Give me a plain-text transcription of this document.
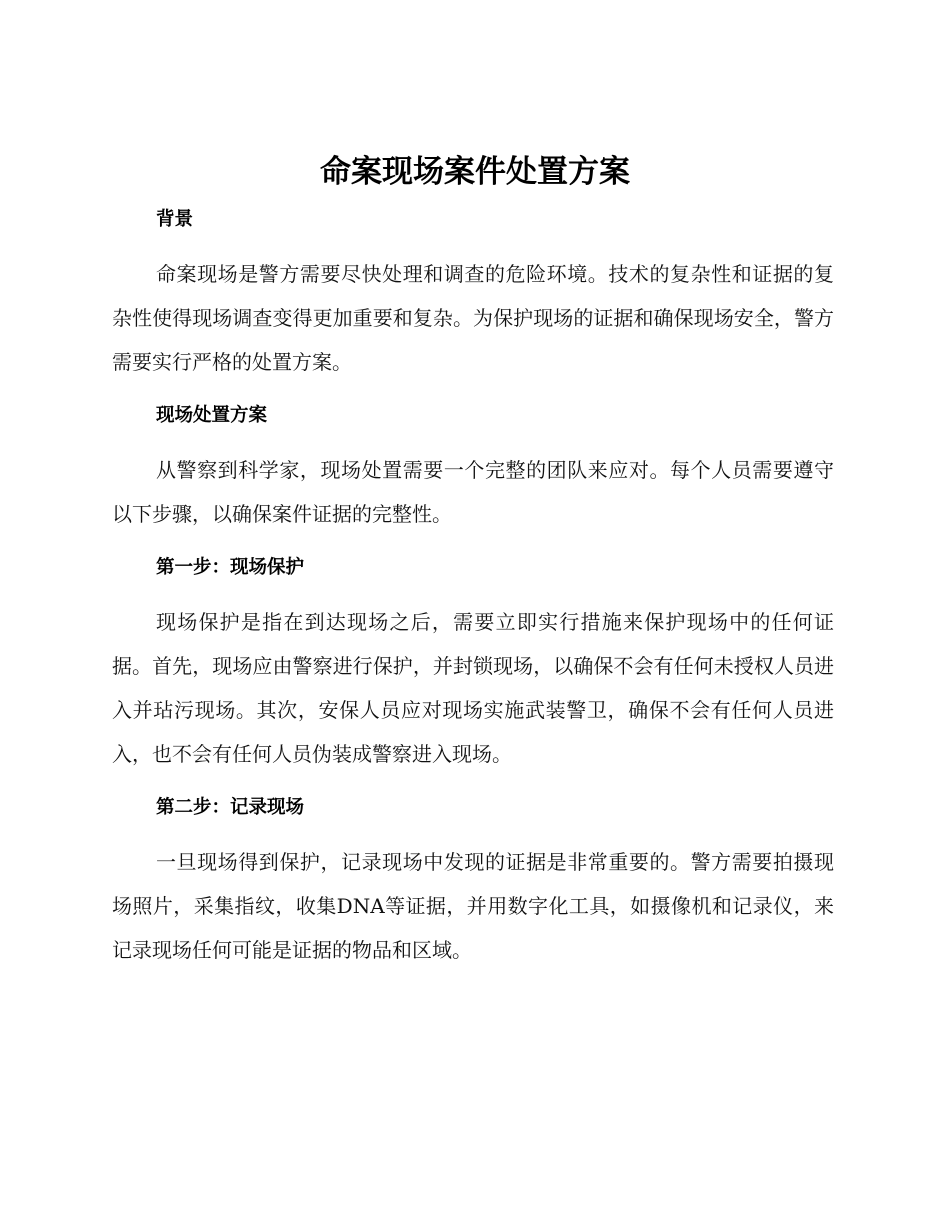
命案现场案件处置方案
背景

命案现场是警方需要尽快处理和调查的危险环境。技术的复杂性和证据的复杂性使得现场调查变得更加重要和复杂。为保护现场的证据和确保现场安全，警方需要实行严格的处置方案。

现场处置方案

从警察到科学家，现场处置需要一个完整的团队来应对。每个人员需要遵守以下步骤，以确保案件证据的完整性。

第一步：现场保护

现场保护是指在到达现场之后，需要立即实行措施来保护现场中的任何证据。首先，现场应由警察进行保护，并封锁现场，以确保不会有任何未授权人员进入并玷污现场。其次，安保人员应对现场实施武装警卫，确保不会有任何人员进入，也不会有任何人员伪装成警察进入现场。

第二步：记录现场

一旦现场得到保护，记录现场中发现的证据是非常重要的。警方需要拍摄现场照片，采集指纹，收集DNA等证据，并用数字化工具，如摄像机和记录仪，来记录现场任何可能是证据的物品和区域。
